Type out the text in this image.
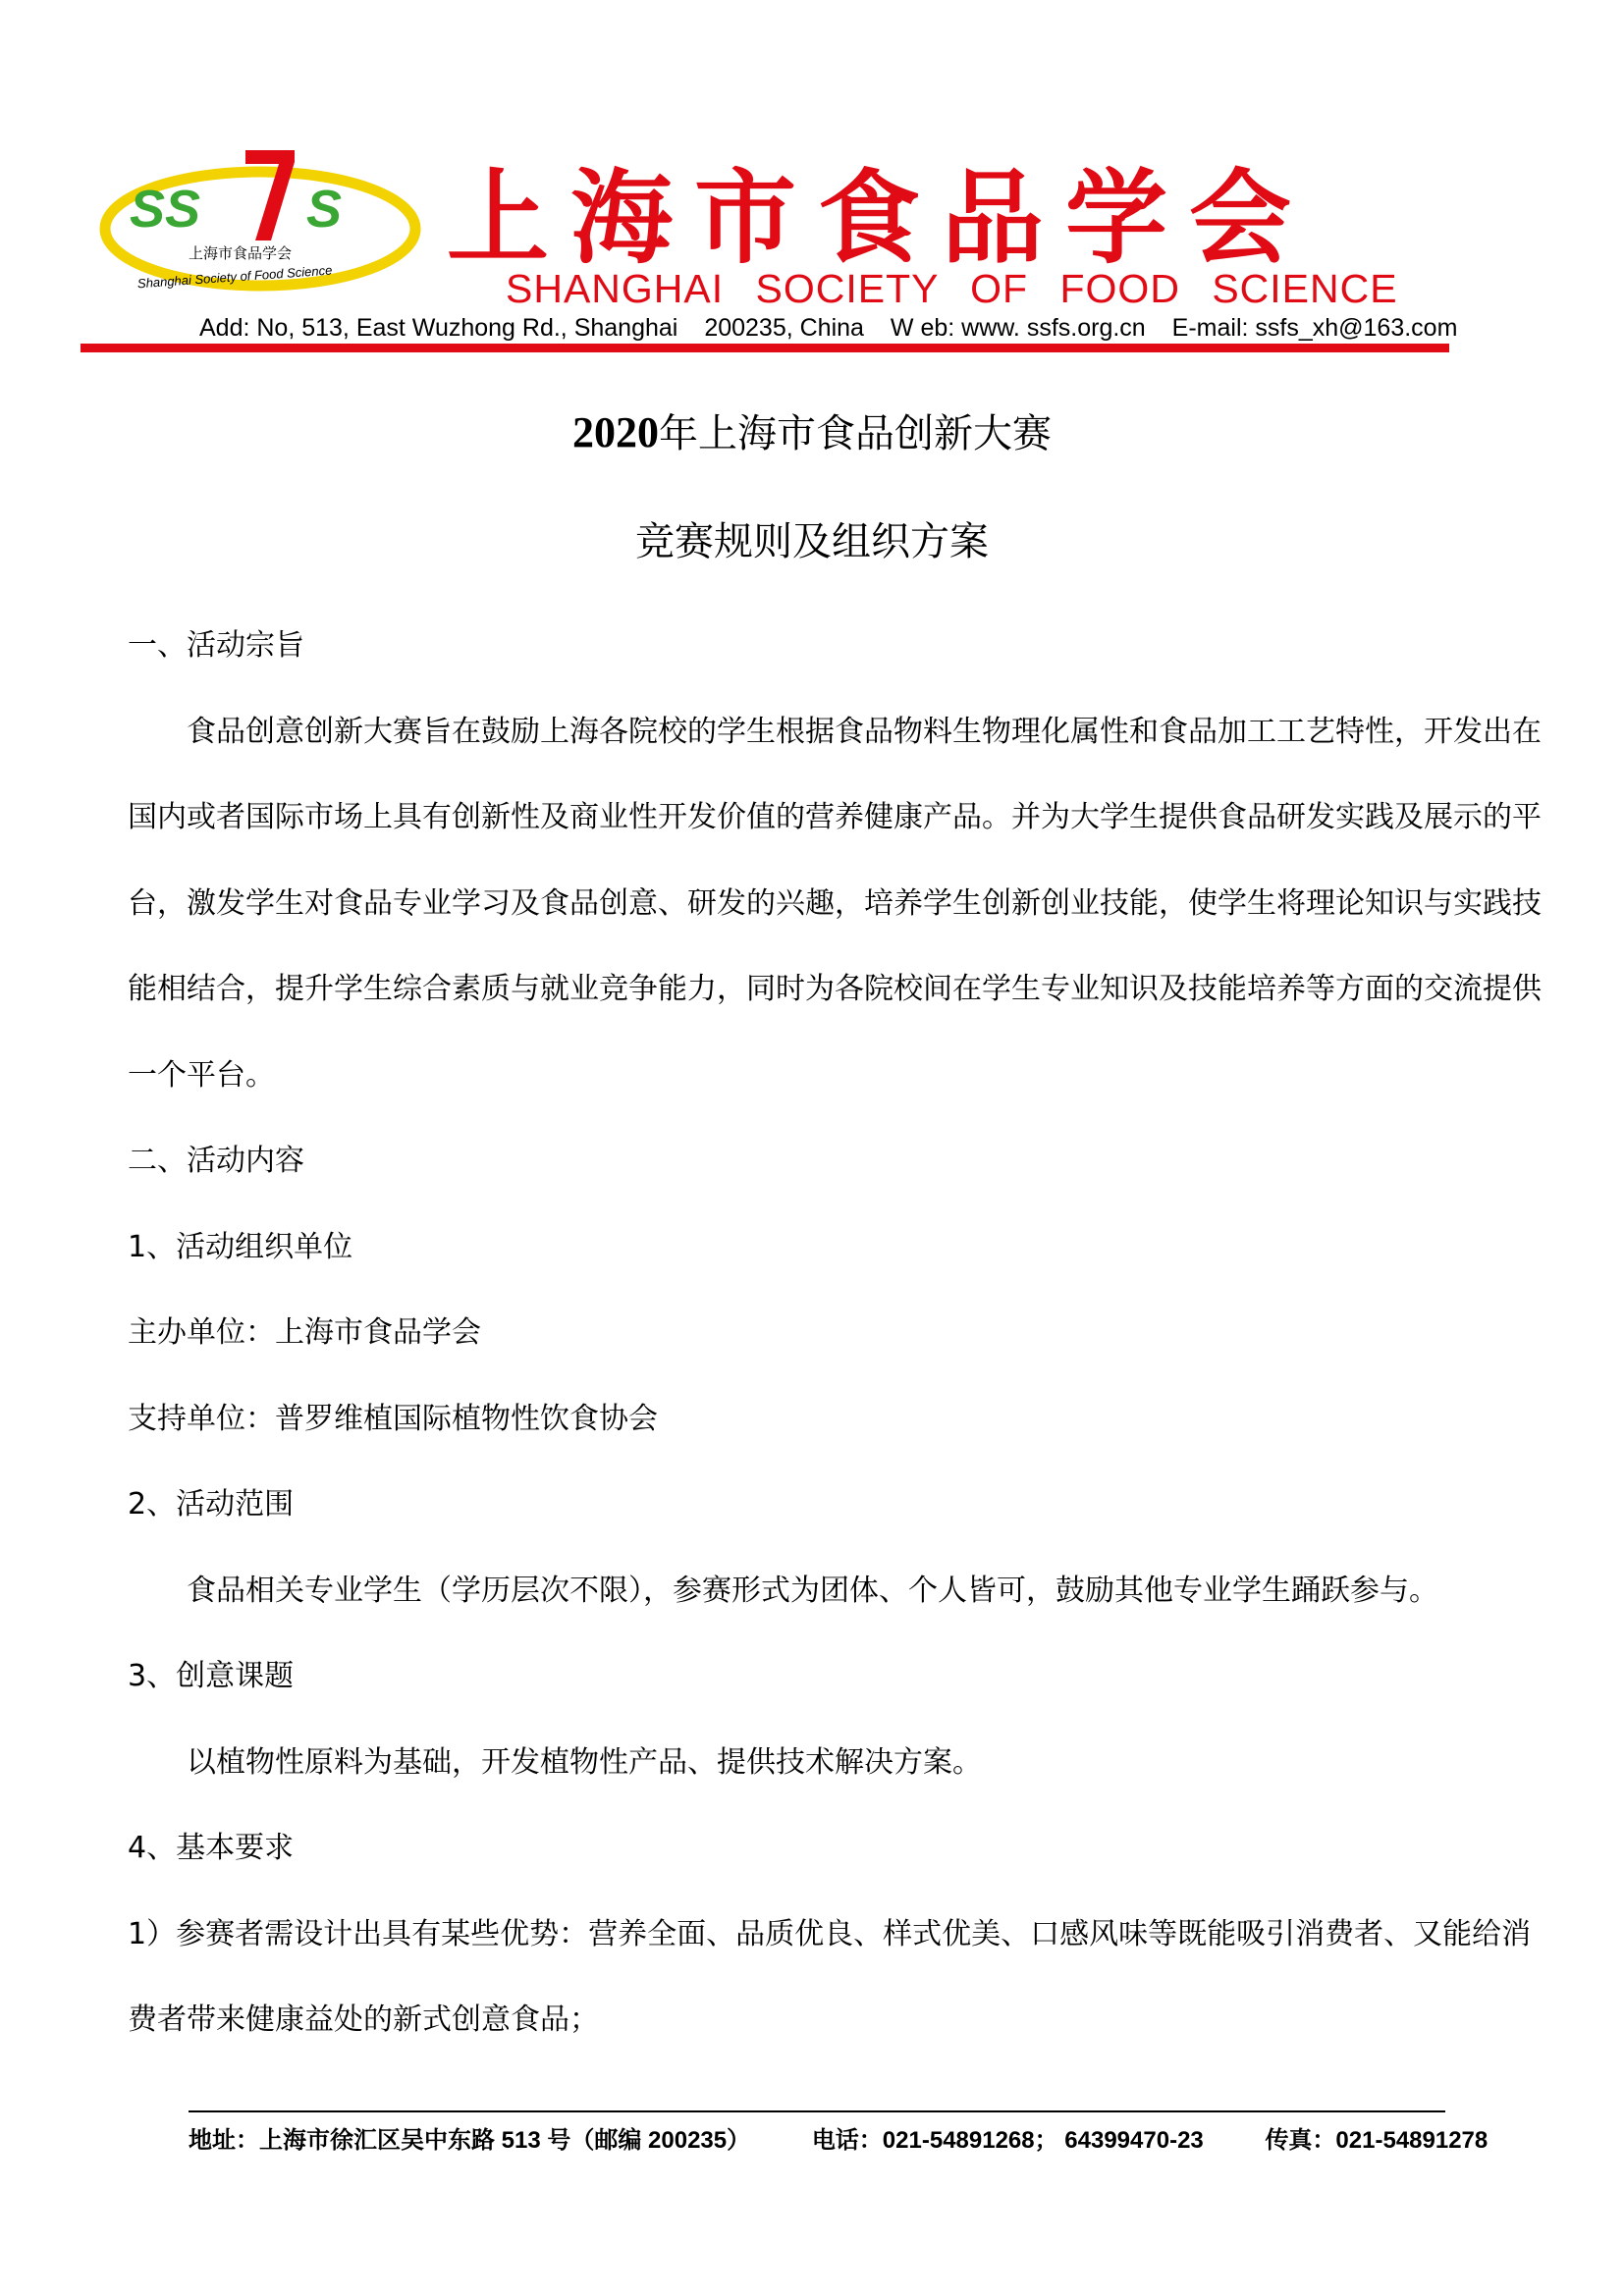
SS S
上海市食品学会
Shanghai Society of Food Science 上海市食品学会
SHANGHAI SOCIETY OF FOOD SCIENCE
Add: No, 513, East Wuzhong Rd., Shanghai 200235, China W eb: www. ssfs.org.cn E-mail: ssfs_xh@163.com
2020年上海市食品创新大赛
竞赛规则及组织方案
一、活动宗旨
食品创意创新大赛旨在鼓励上海各院校的学生根据食品物料生物理化属性和食品加工工艺特性，开发出在
国内或者国际市场上具有创新性及商业性开发价值的营养健康产品。并为大学生提供食品研发实践及展示的平
台，激发学生对食品专业学习及食品创意、研发的兴趣，培养学生创新创业技能，使学生将理论知识与实践技
能相结合，提升学生综合素质与就业竞争能力，同时为各院校间在学生专业知识及技能培养等方面的交流提供
一个平台。
二、活动内容
1、活动组织单位
主办单位：上海市食品学会
支持单位：普罗维植国际植物性饮食协会
2、活动范围
食品相关专业学生（学历层次不限），参赛形式为团体、个人皆可，鼓励其他专业学生踊跃参与。
3、创意课题
以植物性原料为基础，开发植物性产品、提供技术解决方案。
4、基本要求
1）参赛者需设计出具有某些优势：营养全面、品质优良、样式优美、口感风味等既能吸引消费者、又能给消
费者带来健康益处的新式创意食品；
地址：上海市徐汇区吴中东路 513 号（邮编 200235）	电话：021-54891268； 64399470-23	传真：021-54891278
